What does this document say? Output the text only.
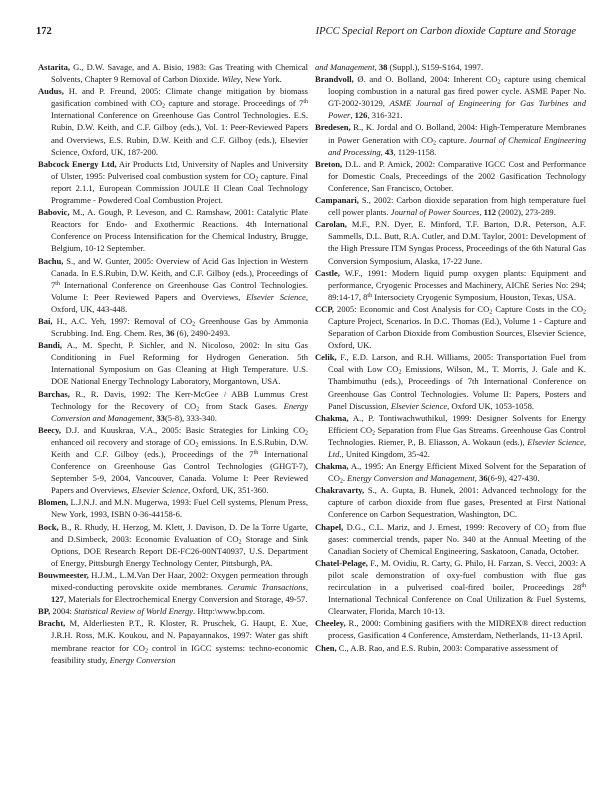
172	IPCC Special Report on Carbon dioxide Capture and Storage

Astarita, G., D.W. Savage, and A. Bisio, 1983: Gas Treating with Chemical Solvents, Chapter 9 Removal of Carbon Dioxide. Wiley, New York.

Audus, H. and P. Freund, 2005: Climate change mitigation by biomass gasification combined with $CO_2$ capture and storage. Proceedings of 7th International Conference on Greenhouse Gas Control Technologies. E.S. Rubin, D.W. Keith, and C.F. Gilboy (eds.), Vol. 1: Peer-Reviewed Papers and Overviews, E.S. Rubin, D.W. Keith and C.F. Gilboy (eds.), Elsevier Science, Oxford, UK, 187-200.

Babcock Energy Ltd, Air Products Ltd, University of Naples and University of Ulster, 1995: Pulverised coal combustion system for $CO_2$ capture. Final report 2.1.1, European Commission JOULE II Clean Coal Technology Programme - Powdered Coal Combustion Project.

Babovic, M., A. Gough, P. Leveson, and C. Ramshaw, 2001: Catalytic Plate Reactors for Endo- and Exothermic Reactions. 4th International Conference on Process Intensification for the Chemical Industry, Brugge, Belgium, 10-12 September.

Bachu, S., and W. Gunter, 2005: Overview of Acid Gas Injection in Western Canada. In E.S.Rubin, D.W. Keith, and C.F. Gilboy (eds.), Proceedings of 7th International Conference on Greenhouse Gas Control Technologies. Volume I: Peer Reviewed Papers and Overviews, Elsevier Science, Oxford, UK, 443-448.

Bai, H., A.C. Yeh, 1997: Removal of $CO_2$ Greenhouse Gas by Ammonia Scrubbing. Ind. Eng. Chem. Res, 36 (6), 2490-2493.

Bandi, A., M. Specht, P. Sichler, and N. Nicoloso, 2002: In situ Gas Conditioning in Fuel Reforming for Hydrogen Generation. 5th International Symposium on Gas Cleaning at High Temperature. U.S. DOE National Energy Technology Laboratory, Morgantown, USA.

Barchas, R., R. Davis, 1992: The Kerr-McGee / ABB Lummus Crest Technology for the Recovery of $CO_2$ from Stack Gases. Energy Conversion and Management, 33(5-8), 333-340.

Beecy, D.J. and Kuuskraa, V.A., 2005: Basic Strategies for Linking $CO_2$ enhanced oil recovery and storage of $CO_2$ emissions. In E.S.Rubin, D.W. Keith and C.F. Gilboy (eds.), Proceedings of the 7th International Conference on Greenhouse Gas Control Technologies (GHGT-7), September 5-9, 2004, Vancouver, Canada. Volume I: Peer Reviewed Papers and Overviews, Elsevier Science, Oxford, UK, 351-360.

Blomen, L.J.N.J. and M.N. Mugerwa, 1993: Fuel Cell systems, Plenum Press, New York, 1993, ISBN 0-36-44158-6.

Bock, B., R. Rhudy, H. Herzog, M. Klett, J. Davison, D. De la Torre Ugarte, and D.Simbeck, 2003: Economic Evaluation of $CO_2$ Storage and Sink Options, DOE Research Report DE-FC26-00NT40937, U.S. Department of Energy, Pittsburgh Energy Technology Center, Pittsburgh, PA.

Bouwmeester, H.J.M., L.M.Van Der Haar, 2002: Oxygen permeation through mixed-conducting perovskite oxide membranes. Ceramic Transactions, 127, Materials for Electrochemical Energy Conversion and Storage, 49-57.

BP, 2004: Statistical Review of World Energy. Http:\www.bp.com.

Bracht, M, Alderliesten P.T., R. Kloster, R. Pruschek, G. Haupt, E. Xue, J.R.H. Ross, M.K. Koukou, and N. Papayannakos, 1997: Water gas shift membrane reactor for $CO_2$ control in IGCC systems: techno-economic feasibility study, Energy Conversion

and Management, 38 (Suppl.), S159-S164, 1997.

Brandvoll, Ø. and O. Bolland, 2004: Inherent $CO_2$ capture using chemical looping combustion in a natural gas fired power cycle. ASME Paper No. GT-2002-30129, ASME Journal of Engineering for Gas Turbines and Power, 126, 316-321.

Bredesen, R., K. Jordal and O. Bolland, 2004: High-Temperature Membranes in Power Generation with $CO_2$ capture. Journal of Chemical Engineering and Processing, 43, 1129-1158.

Breton, D.L. and P. Amick, 2002: Comparative IGCC Cost and Performance for Domestic Coals, Preceedings of the 2002 Gasification Technology Conference, San Francisco, October.

Campanari, S., 2002: Carbon dioxide separation from high temperature fuel cell power plants. Journal of Power Sources, 112 (2002), 273-289.

Carolan, M.F., P.N. Dyer, E. Minford, T.F. Barton, D.R. Peterson, A.F. Sammells, D.L. Butt, R.A. Cutler, and D.M. Taylor, 2001: Development of the High Pressure ITM Syngas Process, Proceedings of the 6th Natural Gas Conversion Symposium, Alaska, 17-22 June.

Castle, W.F., 1991: Modern liquid pump oxygen plants: Equipment and performance, Cryogenic Processes and Machinery, AIChE Series No: 294; 89:14-17, 8th Intersociety Cryogenic Symposium, Houston, Texas, USA.

CCP, 2005: Economic and Cost Analysis for $CO_2$ Capture Costs in the $CO_2$ Capture Project, Scenarios. In D.C. Thomas (Ed.), Volume 1 - Capture and Separation of Carbon Dioxide from Combustion Sources, Elsevier Science, Oxford, UK.

Celik, F., E.D. Larson, and R.H. Williams, 2005: Transportation Fuel from Coal with Low $CO_2$ Emissions, Wilson, M., T. Morris, J. Gale and K. Thambimuthu (eds.), Proceedings of 7th International Conference on Greenhouse Gas Control Technologies. Volume II: Papers, Posters and Panel Discussion, Elsevier Science, Oxford UK, 1053-1058.

Chakma, A., P. Tontiwachwuthikul, 1999: Designer Solvents for Energy Efficient $CO_2$ Separation from Flue Gas Streams. Greenhouse Gas Control Technologies. Riemer, P., B. Eliasson, A. Wokaun (eds.), Elsevier Science, Ltd., United Kingdom, 35-42.

Chakma, A., 1995: An Energy Efficient Mixed Solvent for the Separation of $CO_2$. Energy Conversion and Management, 36(6-9), 427-430.

Chakravarty, S., A. Gupta, B. Hunek, 2001: Advanced technology for the capture of carbon dioxide from flue gases, Presented at First National Conference on Carbon Sequestration, Washington, DC.

Chapel, D.G., C.L. Mariz, and J. Ernest, 1999: Recovery of $CO_2$ from flue gases: commercial trends, paper No. 340 at the Annual Meeting of the Canadian Society of Chemical Engineering, Saskatoon, Canada, October.

Chatel-Pelage, F., M. Ovidiu, R. Carty, G. Philo, H. Farzan, S. Vecci, 2003: A pilot scale demonstration of oxy-fuel combustion with flue gas recirculation in a pulverised coal-fired boiler, Proceedings 28th International Technical Conference on Coal Utilization & Fuel Systems, Clearwater, Florida, March 10-13.

Cheeley, R., 2000: Combining gasifiers with the MIDREX® direct reduction process, Gasification 4 Conference, Amsterdam, Netherlands, 11-13 April.

Chen, C., A.B. Rao, and E.S. Rubin, 2003: Comparative assessment of
